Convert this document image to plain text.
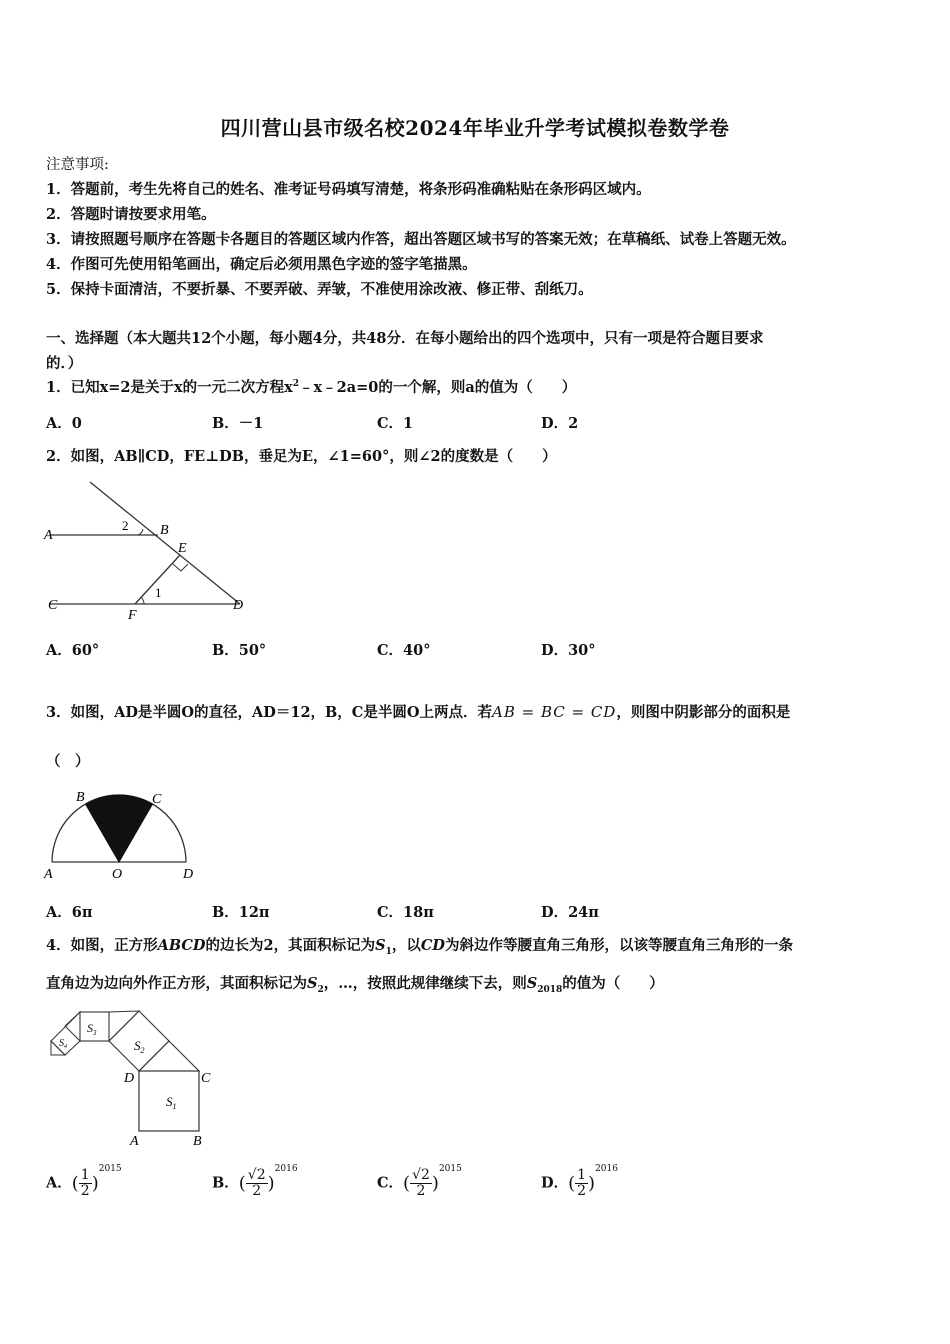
四川营山县市级名校2024年毕业升学考试模拟卷数学卷
注意事项:
1．答题前，考生先将自己的姓名、准考证号码填写清楚，将条形码准确粘贴在条形码区域内。
2．答题时请按要求用笔。
3．请按照题号顺序在答题卡各题目的答题区域内作答，超出答题区域书写的答案无效；在草稿纸、试卷上答题无效。
4．作图可先使用铅笔画出，确定后必须用黑色字迹的签字笔描黑。
5．保持卡面清洁，不要折暴、不要弄破、弄皱，不准使用涂改液、修正带、刮纸刀。
一、选择题（本大题共12个小题，每小题4分，共48分．在每小题给出的四个选项中，只有一项是符合题目要求
的．）
1．已知x=2是关于x的一元二次方程$x^2﹣x﹣2a=0$的一个解，则a的值为（　　）
A．0	B．－1	C．1	D．2
2．如图，AB∥CD，FE⊥DB，垂足为E，∠1=60°，则∠2的度数是（　　）
A	B
E
C
F
D
1
2
A．60°	B．50°	C．40°	D．30°
3．如图，AD是半圆O的直径，AD＝12，B，C是半圆O上两点．若AB = BC = CD，则图中阴影部分的面积是
（　）
B	C
A	O	D
A．6π	B．12π	C．18π	D．24π
4．如图，正方形ABCD的边长为2，其面积标记为$S_1$，以CD为斜边作等腰直角三角形，以该等腰直角三角形的一条
直角边为边向外作正方形，其面积标记为$S_2$，…，按照此规律继续下去，则$S_{2018}$的值为（　　）
$S_1$
$S_2$
$S_3$
$S_4$
D	C
A	B
A．( $\frac{1}{2} )^{2015}$
B．( $\frac{√2}{2} )^{2016}$
C．( $\frac{√2}{2} )^{2015}$
D．( $\frac{1}{2} )^{2016}$
